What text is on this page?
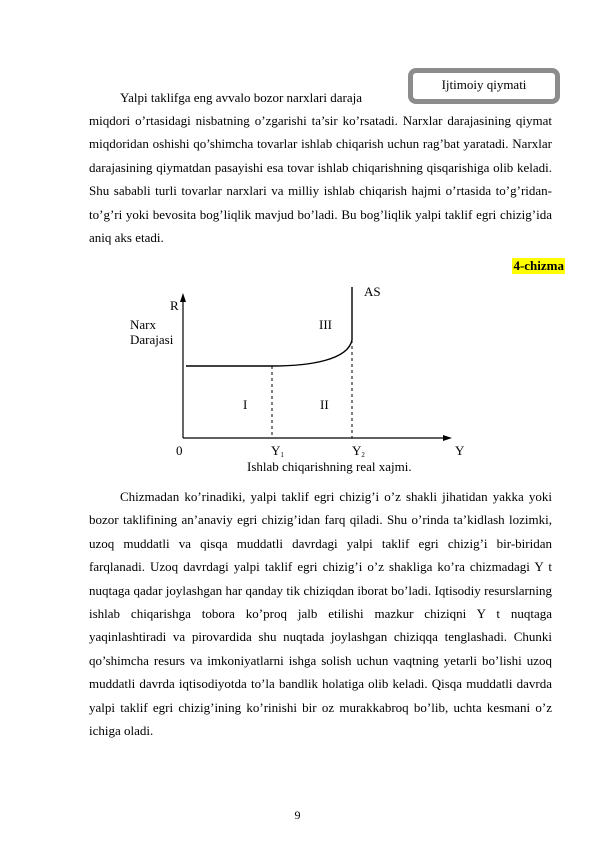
Ijtimoiy qiymati

Yalpi taklifga eng avvalo bozor narxlari daraja

miqdori o’rtasidagi nisbatning o’zgarishi ta’sir ko’rsatadi. Narxlar darajasining qiymat miqdoridan oshishi qo’shimcha tovarlar ishlab chiqarish uchun rag’bat yaratadi. Narxlar darajasining qiymatdan pasayishi esa tovar ishlab chiqarishning qisqarishiga olib keladi. Shu sababli turli tovarlar narxlari va milliy ishlab chiqarish hajmi o’rtasida to’g’ridan-to’g’ri yoki bevosita bog’liqlik mavjud bo’ladi. Bu bog’liqlik yalpi taklif egri chizig’ida aniq aks etadi.

4-chizma
AS
R
Narx
Darajasi
III
I	II
0	$Y_1$	$Y_2$	Y
Ishlab chiqarishning real xajmi.

Chizmadan ko’rinadiki, yalpi taklif egri chizig’i o’z shakli jihatidan yakka yoki bozor taklifining an’anaviy egri chizig’idan farq qiladi. Shu o’rinda ta’kidlash lozimki, uzoq muddatli va qisqa muddatli davrdagi yalpi taklif egri chizig’i bir-biridan farqlanadi. Uzoq davrdagi yalpi taklif egri chizig’i o’z shakliga ko’ra chizmadagi Y t nuqtaga qadar joylashgan har qanday tik chiziqdan iborat bo’ladi. Iqtisodiy resurslarning ishlab chiqarishga tobora ko’proq jalb etilishi mazkur chiziqni Y t nuqtaga yaqinlashtiradi va pirovardida shu nuqtada joylashgan chiziqqa tenglashadi. Chunki qo’shimcha resurs va imkoniyatlarni ishga solish uchun vaqtning yetarli bo’lishi uzoq muddatli davrda iqtisodiyotda to’la bandlik holatiga olib keladi. Qisqa muddatli davrda yalpi taklif egri chizig’ining ko’rinishi bir oz murakkabroq bo’lib, uchta kesmani o’z ichiga oladi.

9
